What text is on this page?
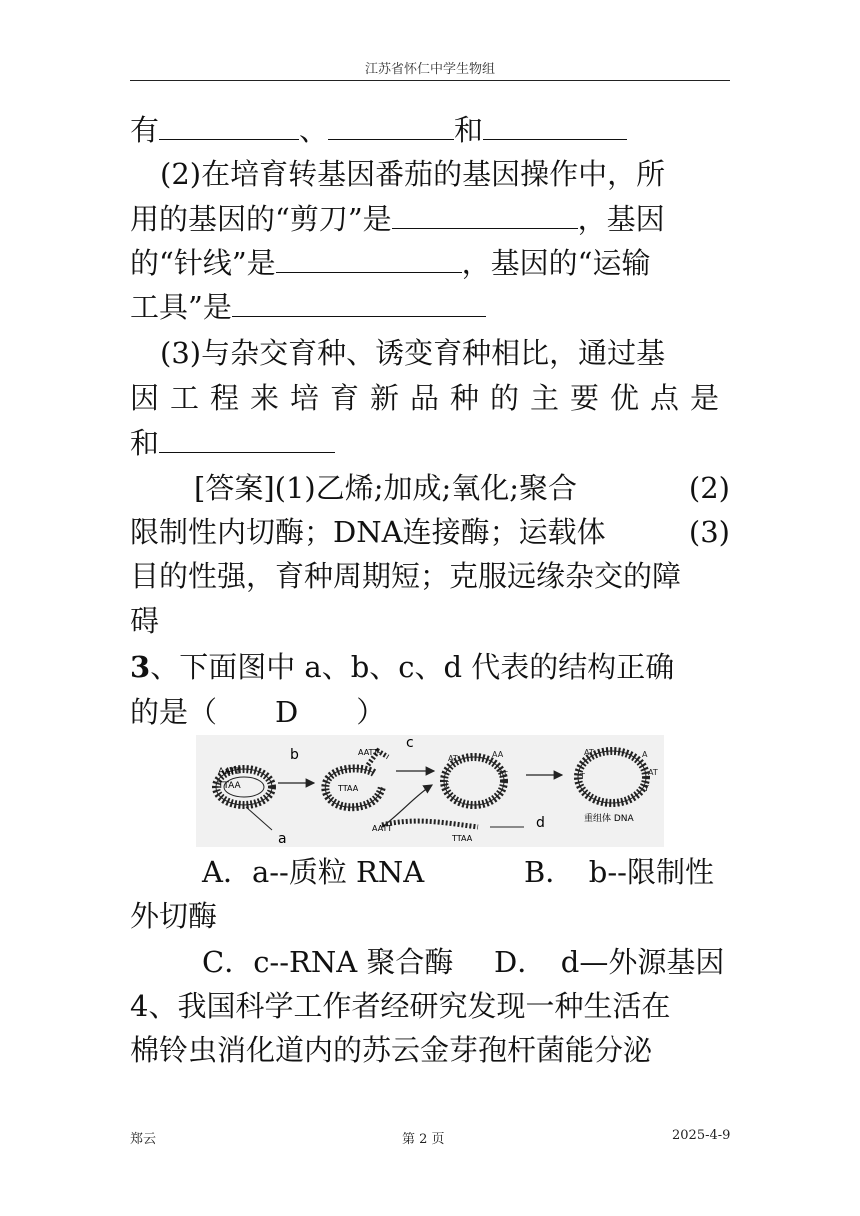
江苏省怀仁中学生物组
有	、	和
(2)在培育转基因番茄的基因操作中，所
用的基因的“剪刀”是	，基因
的“针线”是	，基因的“运输
工具”是
(3)与杂交育种、诱变育种相比，通过基
因工程来培育新品种的主要优点是
和
[答案](1)乙烯;加成;氧化;聚合	(2)
限制性内切酶；DNA连接酶；运载体	(3)
目的性强，育种周期短；克服远缘杂交的障
碍
3、下面图中 a、b、c、d 代表的结构正确
的是（　　D　　）
AATT
TTAA
a
b	AATT
TTAA
c
AATT
TTAA
d
AT	AA
TT
T
AT	A
AT
T
T
重组体 DNA
A．a--质粒 RNA	B．　b--限制性
外切酶
C．c--RNA 聚合酶 D．　d—外源基因
4、我国科学工作者经研究发现一种生活在
棉铃虫消化道内的苏云金芽孢杆菌能分泌
郑云	第 2 页	2025-4-9
